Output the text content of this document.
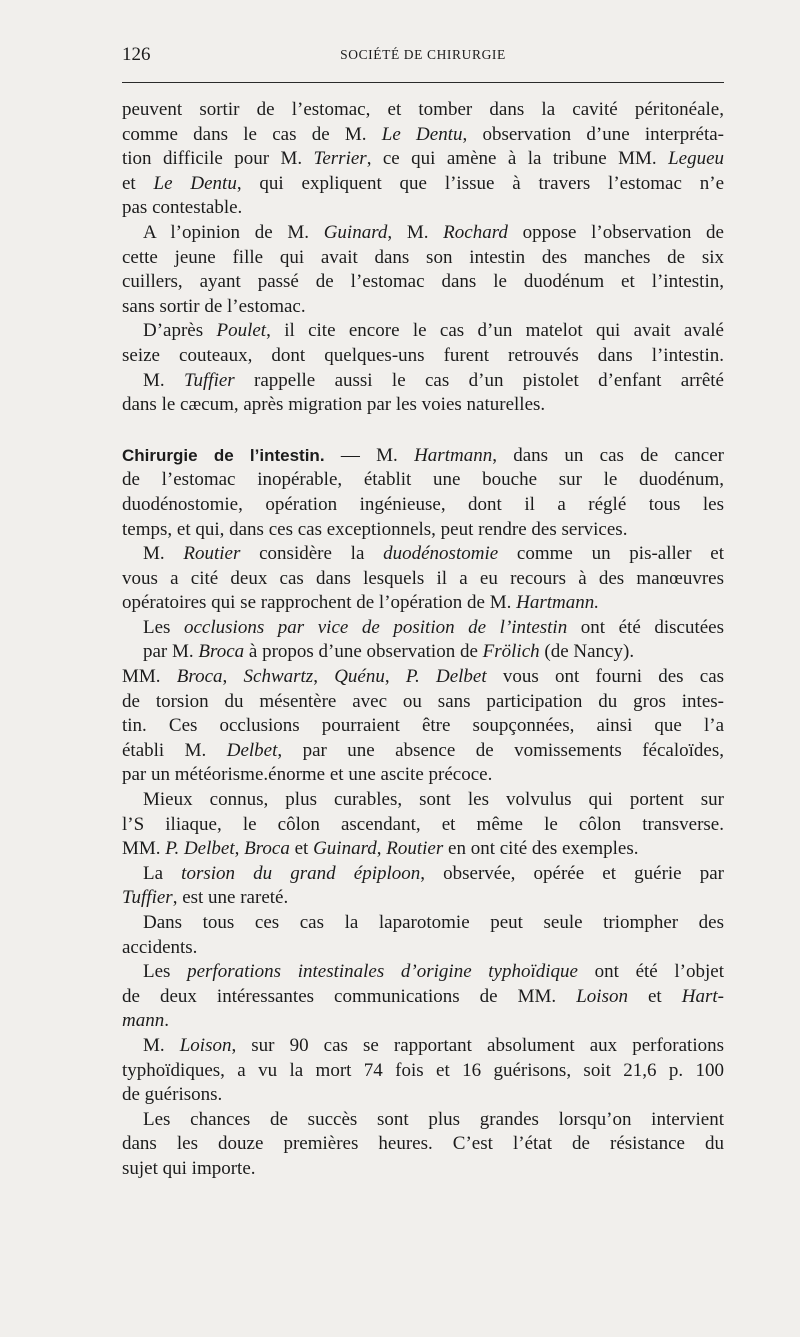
126	SOCIÉTÉ DE CHIRURGIE
peuvent sortir de l’estomac, et tomber dans la cavité péritonéale,
comme dans le cas de M. Le Dentu, observation d’une interpréta-
tion difficile pour M. Terrier, ce qui amène à la tribune MM. Legueu
et Le Dentu, qui expliquent que l’issue à travers l’estomac n’e
pas contestable.
A l’opinion de M. Guinard, M. Rochard oppose l’observation de
cette jeune fille qui avait dans son intestin des manches de six
cuillers, ayant passé de l’estomac dans le duodénum et l’intestin,
sans sortir de l’estomac.
D’après Poulet, il cite encore le cas d’un matelot qui avait avalé
seize couteaux, dont quelques-uns furent retrouvés dans l’intestin.
M. Tuffier rappelle aussi le cas d’un pistolet d’enfant arrêté
dans le cæcum, après migration par les voies naturelles.
Chirurgie de l’intestin. — M. Hartmann, dans un cas de cancer
de l’estomac inopérable, établit une bouche sur le duodénum,
duodénostomie, opération ingénieuse, dont il a réglé tous les
temps, et qui, dans ces cas exceptionnels, peut rendre des services.
M. Routier considère la duodénostomie comme un pis-aller et
vous a cité deux cas dans lesquels il a eu recours à des manœuvres
opératoires qui se rapprochent de l’opération de M. Hartmann.
Les occlusions par vice de position de l’intestin ont été discutées
par M. Broca à propos d’une observation de Frölich (de Nancy).
MM. Broca, Schwartz, Quénu, P. Delbet vous ont fourni des cas
de torsion du mésentère avec ou sans participation du gros intes-
tin. Ces occlusions pourraient être soupçonnées, ainsi que l’a
établi M. Delbet, par une absence de vomissements fécaloïdes,
par un météorisme.énorme et une ascite précoce.
Mieux connus, plus curables, sont les volvulus qui portent sur
l’S iliaque, le côlon ascendant, et même le côlon transverse.
MM. P. Delbet, Broca et Guinard, Routier en ont cité des exemples.
La torsion du grand épiploon, observée, opérée et guérie par
Tuffier, est une rareté.
Dans tous ces cas la laparotomie peut seule triompher des
accidents.
Les perforations intestinales d’origine typhoïdique ont été l’objet
de deux intéressantes communications de MM. Loison et Hart-
mann.
M. Loison, sur 90 cas se rapportant absolument aux perforations
typhoïdiques, a vu la mort 74 fois et 16 guérisons, soit 21,6 p. 100
de guérisons.
Les chances de succès sont plus grandes lorsqu’on intervient
dans les douze premières heures. C’est l’état de résistance du
sujet qui importe.
